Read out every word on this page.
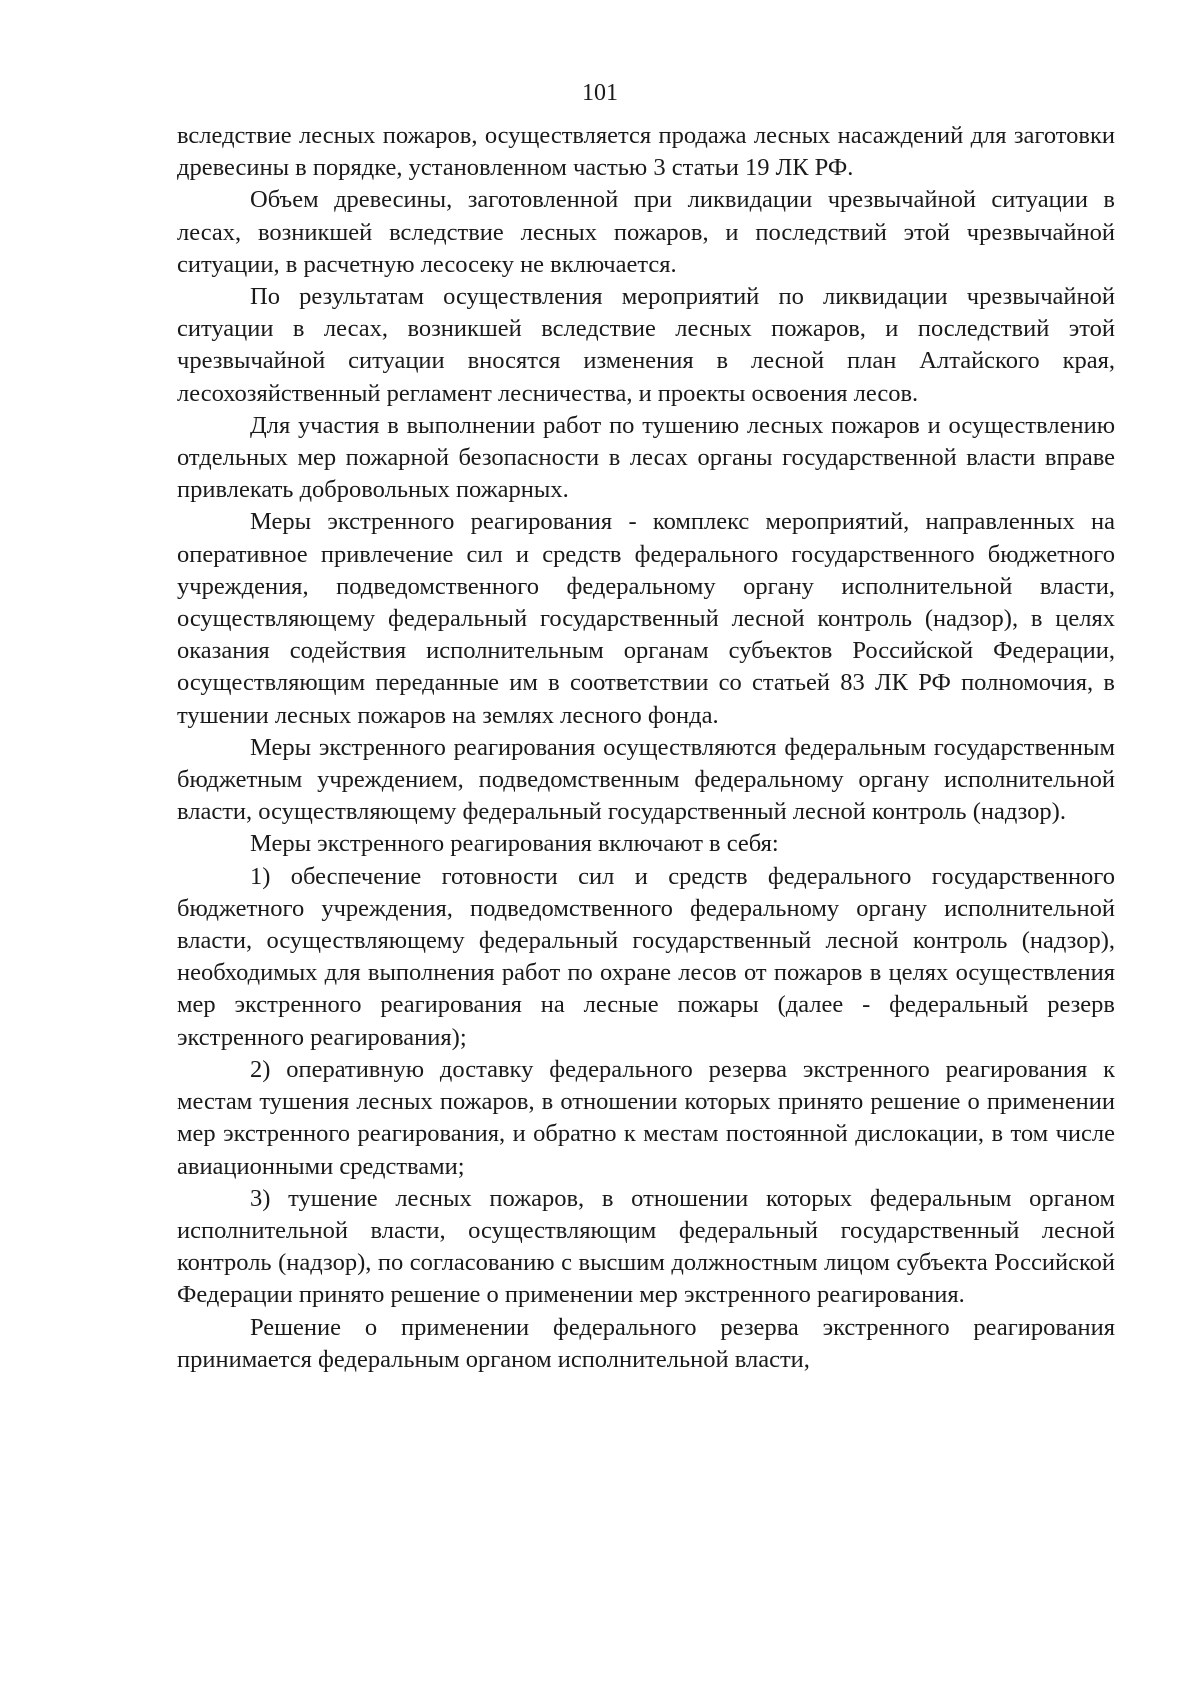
101

вследствие лесных пожаров, осуществляется продажа лесных насаждений для заготовки древесины в порядке, установленном частью 3 статьи 19 ЛК РФ.

Объем древесины, заготовленной при ликвидации чрезвычайной ситуации в лесах, возникшей вследствие лесных пожаров, и последствий этой чрезвычайной ситуации, в расчетную лесосеку не включается.

По результатам осуществления мероприятий по ликвидации чрезвычайной ситуации в лесах, возникшей вследствие лесных пожаров, и последствий этой чрезвычайной ситуации вносятся изменения в лесной план Алтайского края, лесохозяйственный регламент лесничества, и проекты освоения лесов.

Для участия в выполнении работ по тушению лесных пожаров и осуществлению отдельных мер пожарной безопасности в лесах органы государственной власти вправе привлекать добровольных пожарных.

Меры экстренного реагирования - комплекс мероприятий, направленных на оперативное привлечение сил и средств федерального государственного бюджетного учреждения, подведомственного федеральному органу исполнительной власти, осуществляющему федеральный государственный лесной контроль (надзор), в целях оказания содействия исполнительным органам субъектов Российской Федерации, осуществляющим переданные им в соответствии со статьей 83 ЛК РФ полномочия, в тушении лесных пожаров на землях лесного фонда.

Меры экстренного реагирования осуществляются федеральным государственным бюджетным учреждением, подведомственным федеральному органу исполнительной власти, осуществляющему федеральный государственный лесной контроль (надзор).

Меры экстренного реагирования включают в себя:

1) обеспечение готовности сил и средств федерального государственного бюджетного учреждения, подведомственного федеральному органу исполнительной власти, осуществляющему федеральный государственный лесной контроль (надзор), необходимых для выполнения работ по охране лесов от пожаров в целях осуществления мер экстренного реагирования на лесные пожары (далее - федеральный резерв экстренного реагирования);

2) оперативную доставку федерального резерва экстренного реагирования к местам тушения лесных пожаров, в отношении которых принято решение о применении мер экстренного реагирования, и обратно к местам постоянной дислокации, в том числе авиационными средствами;

3) тушение лесных пожаров, в отношении которых федеральным органом исполнительной власти, осуществляющим федеральный государственный лесной контроль (надзор), по согласованию с высшим должностным лицом субъекта Российской Федерации принято решение о применении мер экстренного реагирования.

Решение о применении федерального резерва экстренного реагирования принимается федеральным органом исполнительной власти,
